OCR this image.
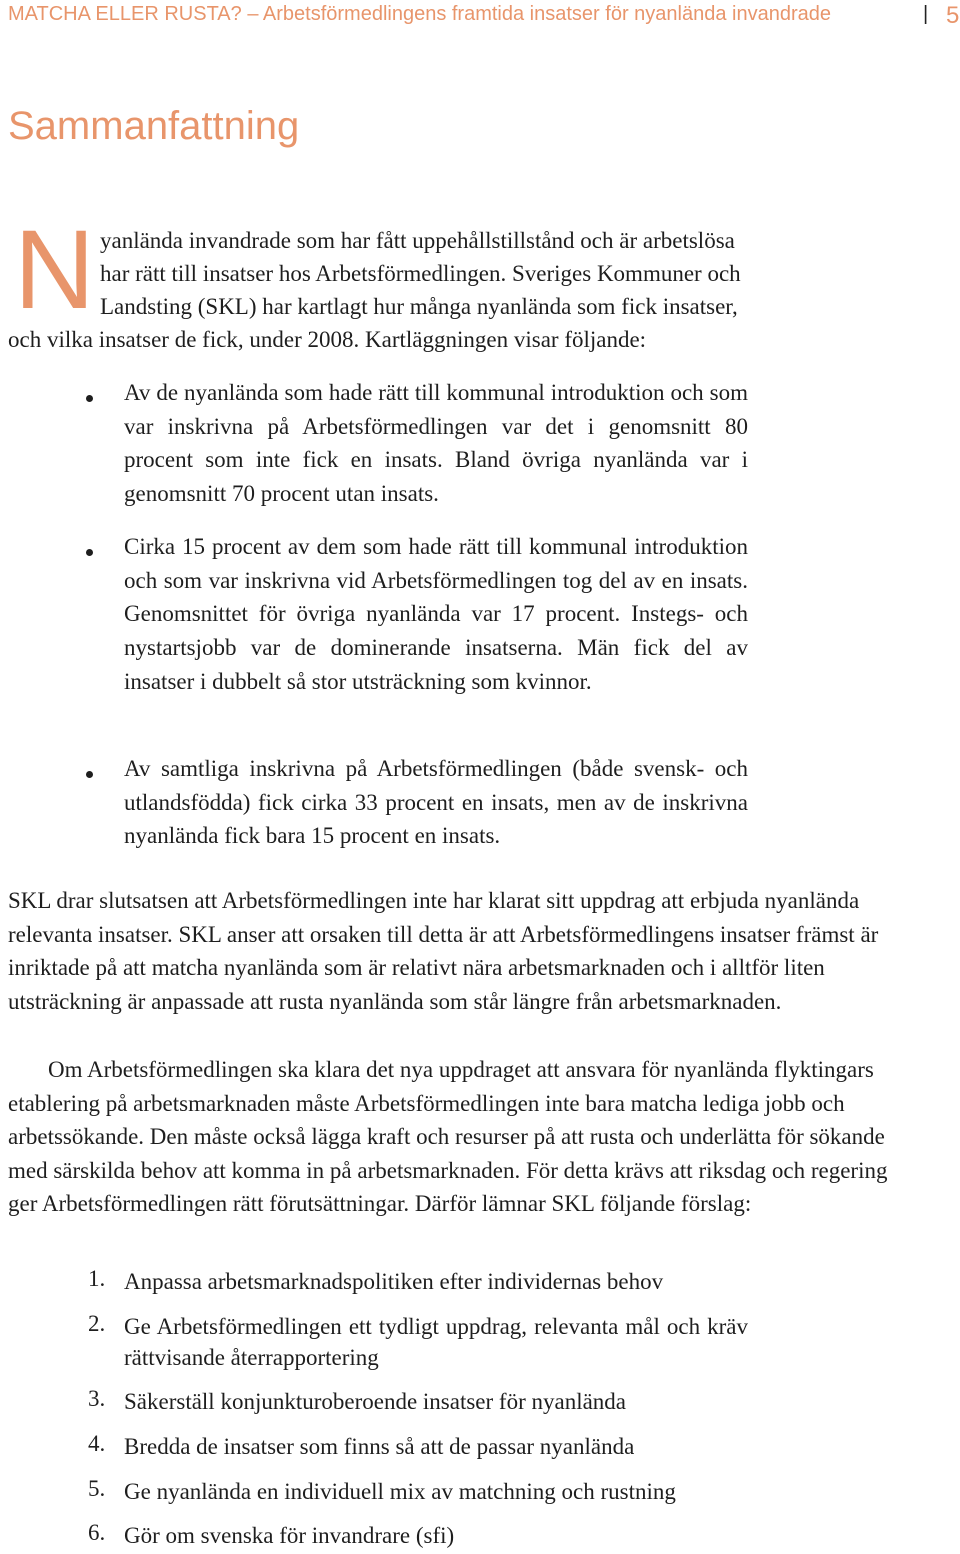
MATCHA ELLER RUSTA? – Arbetsförmedlingens framtida insatser för nyanlända invandrade	| 5
Sammanfattning
N yanlända invandrade som har fått uppehållstillstånd och är arbetslösa
har rätt till insatser hos Arbetsförmedlingen. Sveriges Kommuner och
Landsting (SKL) har kartlagt hur många nyanlända som fick insatser,
och vilka insatser de fick, under 2008. Kartläggningen visar följande:
Av de nyanlända som hade rätt till kommunal introduktion och som var inskrivna på Arbetsförmedlingen var det i genomsnitt 80 procent som inte fick en insats. Bland övriga nyanlända var i genomsnitt 70 procent utan insats.
Cirka 15 procent av dem som hade rätt till kommunal introduktion och som var inskrivna vid Arbetsförmedlingen tog del av en insats. Genomsnittet för övriga nyanlända var 17 procent. Instegs- och nystartsjobb var de dominerande insatserna. Män fick del av insatser i dubbelt så stor utsträckning som kvinnor.
Av samtliga inskrivna på Arbetsförmedlingen (både svensk- och utlandsfödda) fick cirka 33 procent en insats, men av de inskrivna nyanlända fick bara 15 procent en insats.

SKL drar slutsatsen att Arbetsförmedlingen inte har klarat sitt uppdrag att erbjuda nyanlända relevanta insatser. SKL anser att orsaken till detta är att Arbetsförmedlingens insatser främst är inriktade på att matcha nyanlända som är relativt nära arbetsmarknaden och i alltför liten utsträckning är anpassade att rusta nyanlända som står längre från arbetsmarknaden.

Om Arbetsförmedlingen ska klara det nya uppdraget att ansvara för nyanlända flyktingars etablering på arbetsmarknaden måste Arbetsförmedlingen inte bara matcha lediga jobb och arbetssökande. Den måste också lägga kraft och resurser på att rusta och underlätta för sökande med särskilda behov att komma in på arbetsmarknaden. För detta krävs att riksdag och regering ger Arbetsförmedlingen rätt förutsättningar. Därför lämnar SKL följande förslag:

1. Anpassa arbetsmarknadspolitiken efter individernas behov
2. Ge Arbetsförmedlingen ett tydligt uppdrag, relevanta mål och kräv rättvisande återrapportering
3. Säkerställ konjunkturoberoende insatser för nyanlända
4. Bredda de insatser som finns så att de passar nyanlända
5. Ge nyanlända en individuell mix av matchning och rustning
6. Gör om svenska för invandrare (sfi)
